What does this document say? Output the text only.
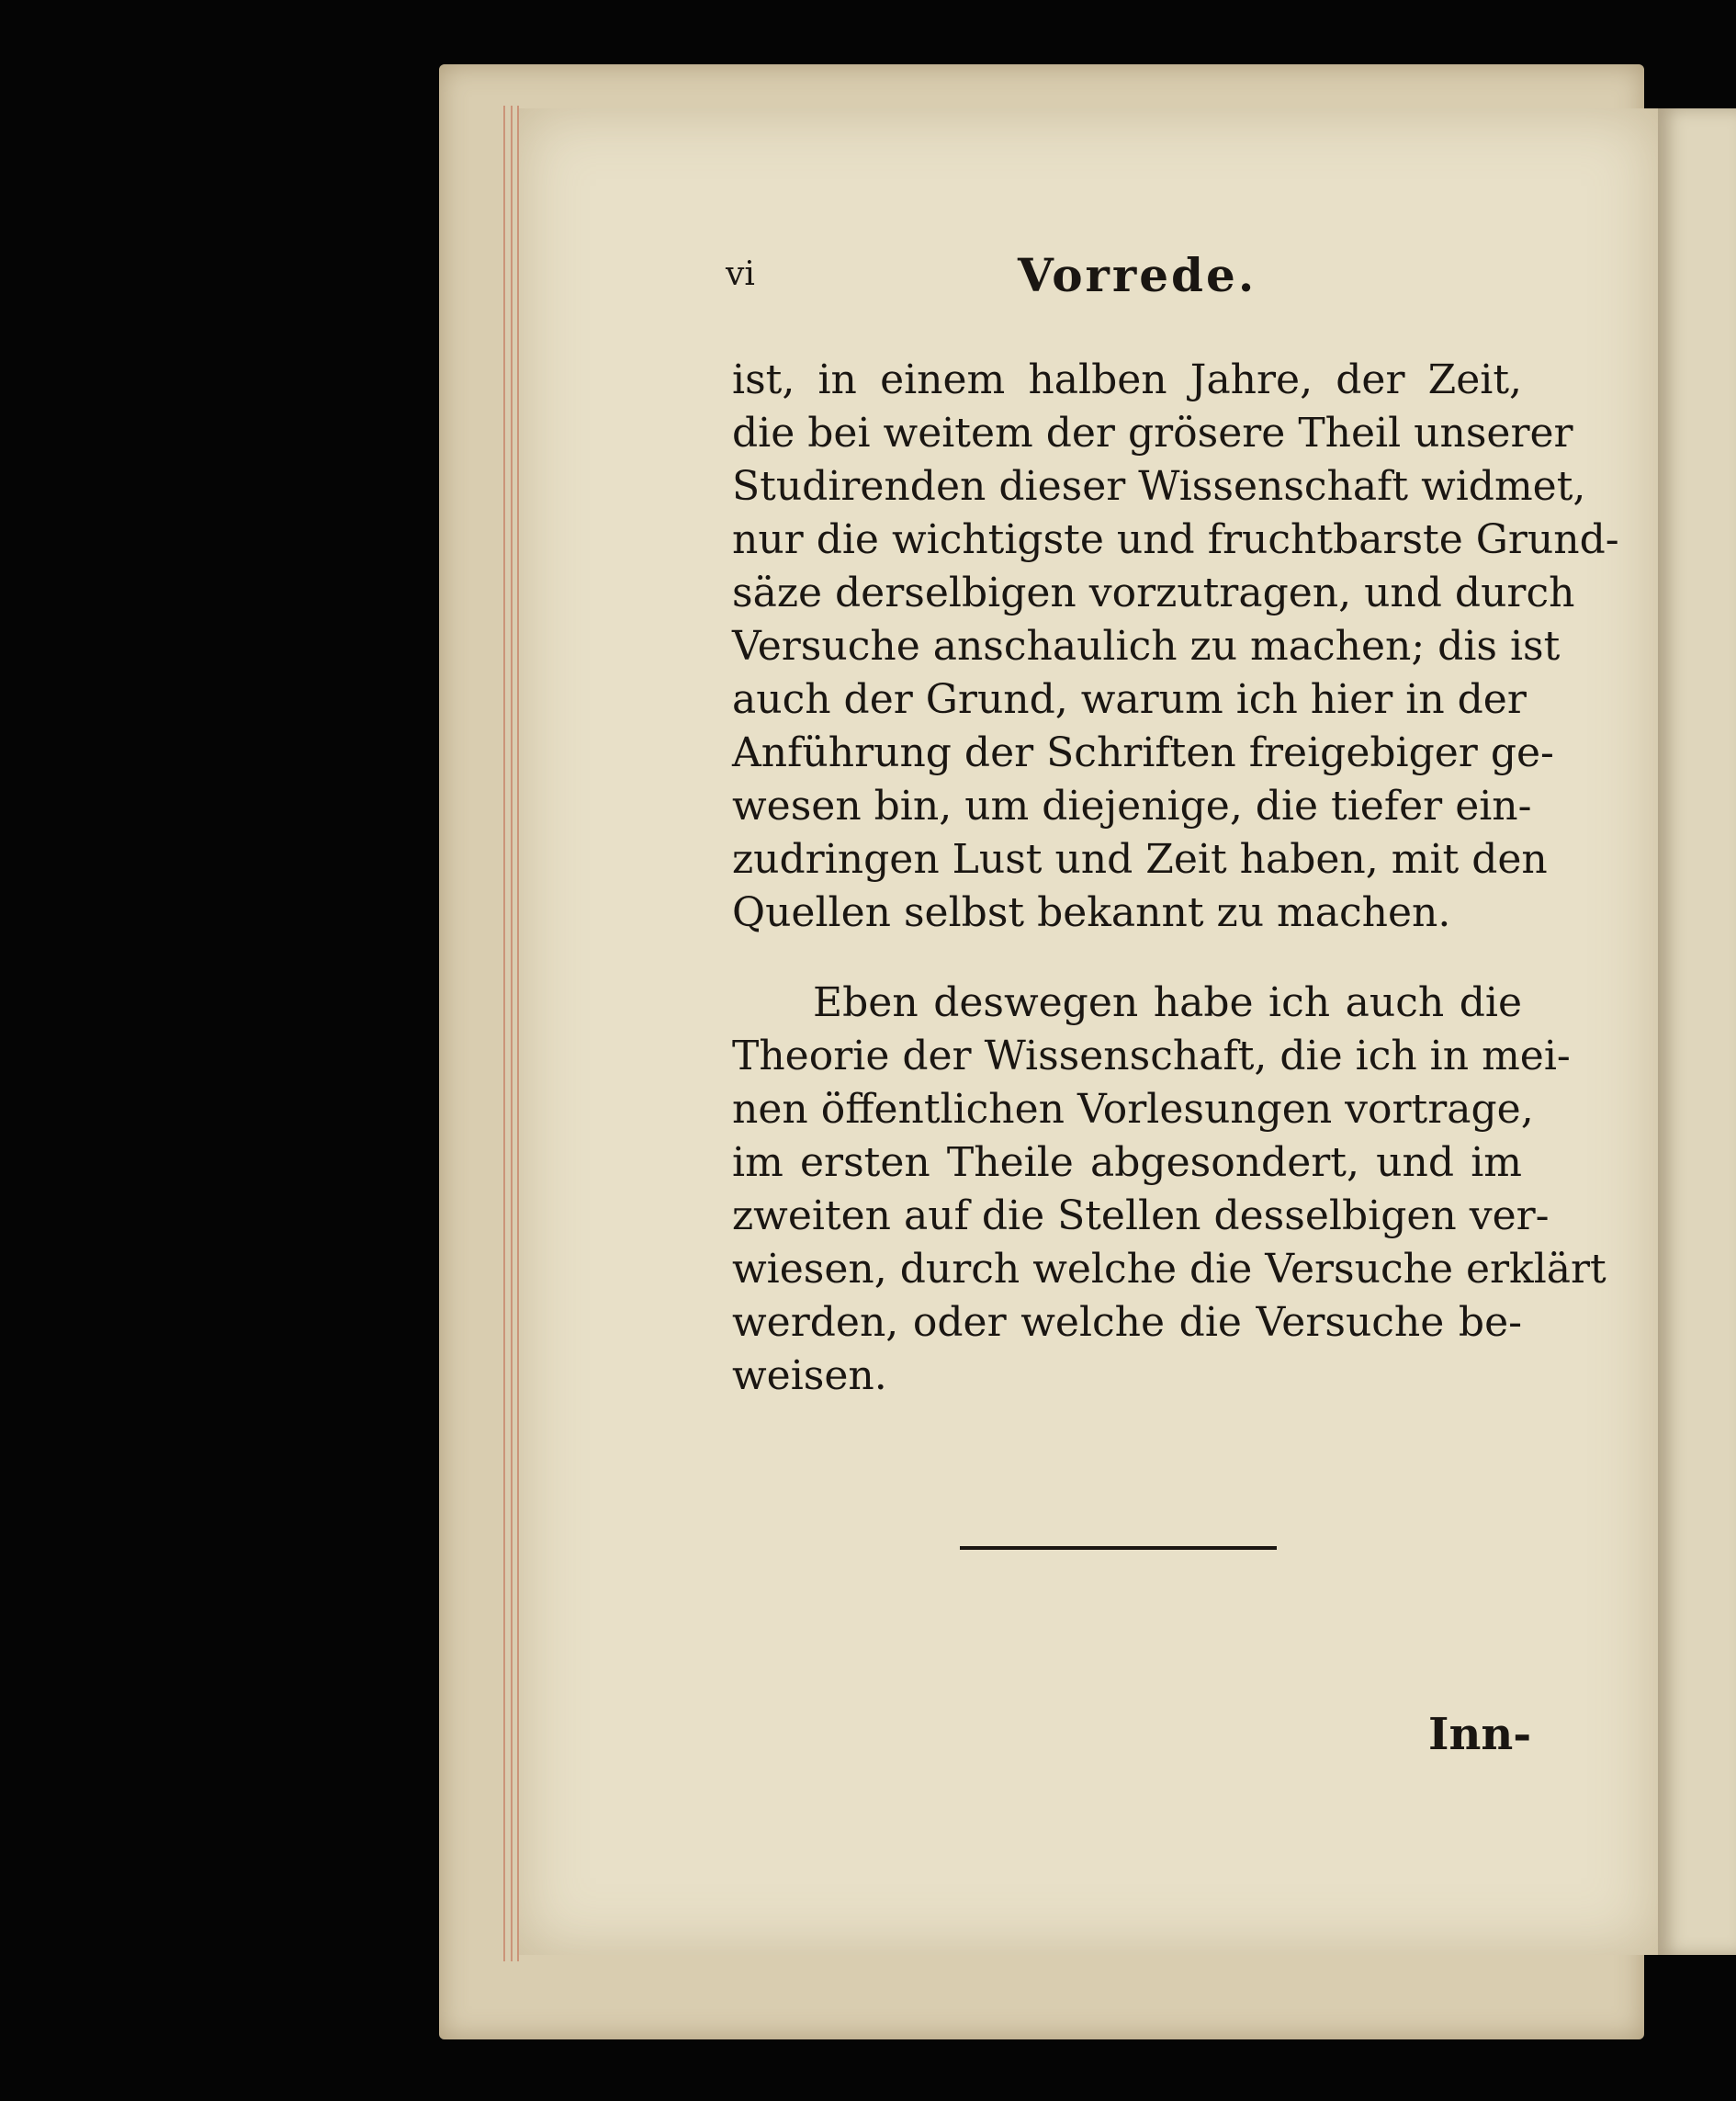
vi	Vorrede.
ist, in einem halben Jahre, der Zeit,
die bei weitem der grösere Theil unserer
Studirenden dieser Wissenschaft widmet,
nur die wichtigste und fruchtbarste Grund-
säze derselbigen vorzutragen, und durch
Versuche anschaulich zu machen; dis ist
auch der Grund, warum ich hier in der
Anführung der Schriften freigebiger ge-
wesen bin, um diejenige, die tiefer ein-
zudringen Lust und Zeit haben, mit den
Quellen selbst bekannt zu machen.
Eben deswegen habe ich auch die
Theorie der Wissenschaft, die ich in mei-
nen öffentlichen Vorlesungen vortrage,
im ersten Theile abgesondert, und im
zweiten auf die Stellen desselbigen ver-
wiesen, durch welche die Versuche erklärt
werden, oder welche die Versuche be-
weisen.
Inn-
